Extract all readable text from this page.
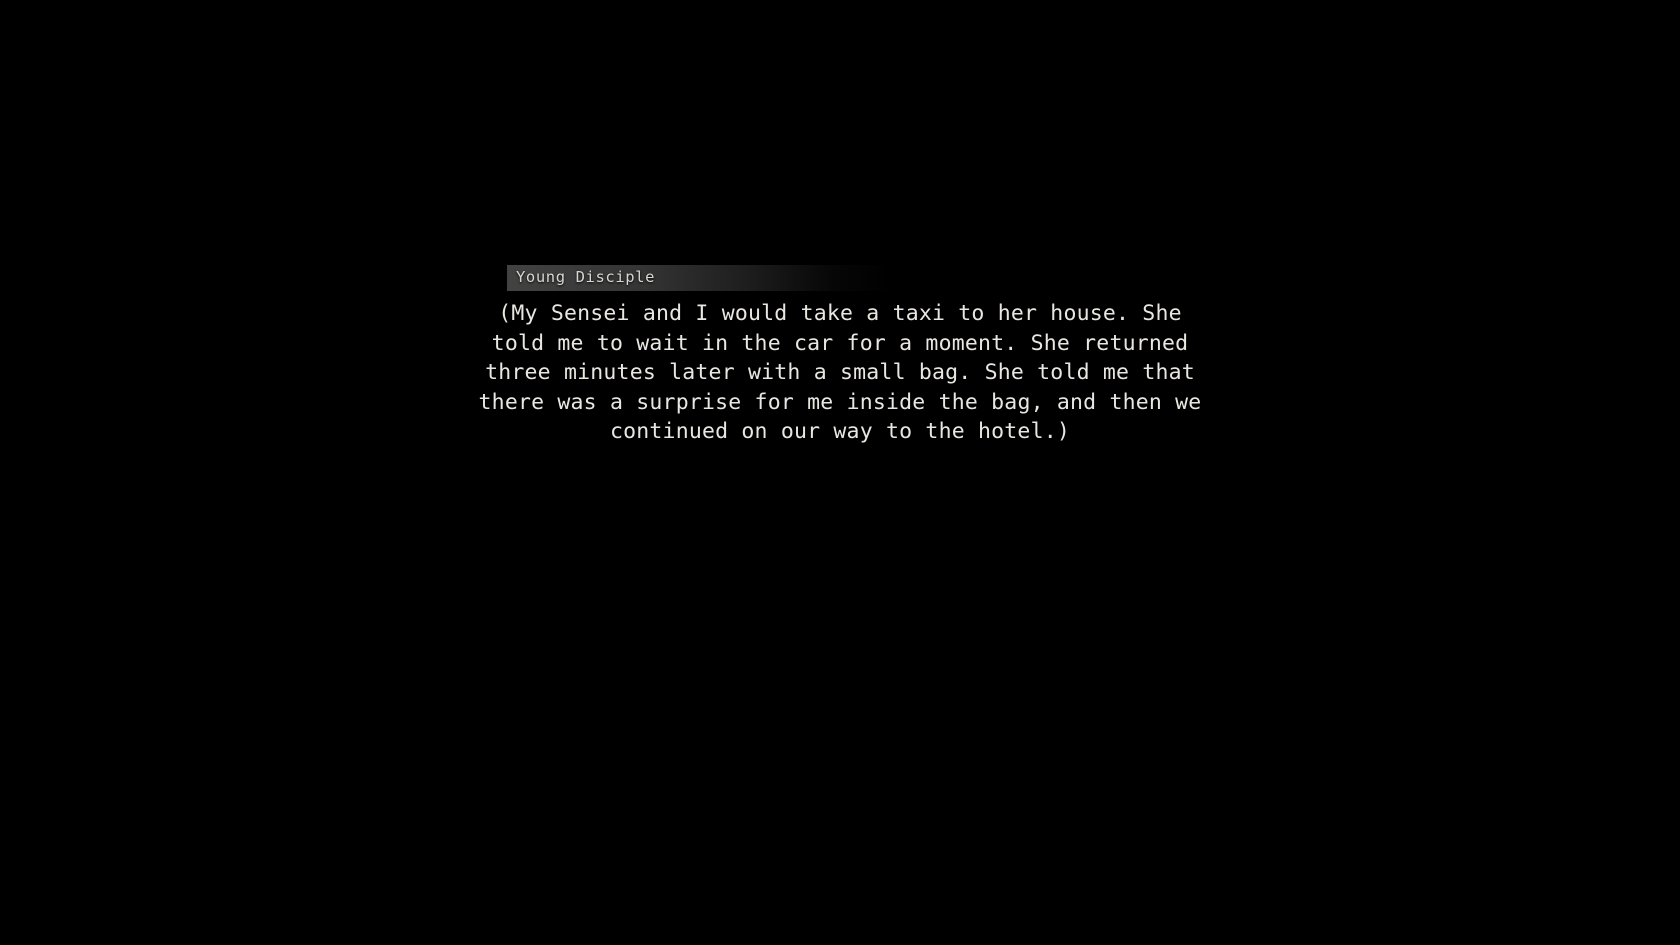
Young Disciple
(My Sensei and I would take a taxi to her house. She told me to wait in the car for a moment. She returned three minutes later with a small bag. She told me that there was a surprise for me inside the bag, and then we continued on our way to the hotel.)
